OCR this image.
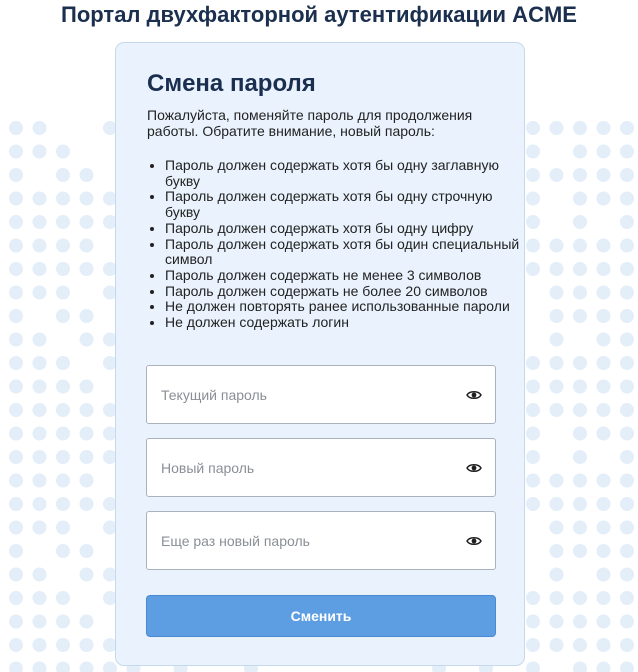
Портал двухфакторной аутентификации ACME
Смена пароля

Пожалуйста, поменяйте пароль для продолжения работы. Обратите внимание, новый пароль:

• Пароль должен содержать хотя бы одну заглавную букву
• Пароль должен содержать хотя бы одну строчную букву
• Пароль должен содержать хотя бы одну цифру
• Пароль должен содержать хотя бы один специальный символ
• Пароль должен содержать не менее 3 символов
• Пароль должен содержать не более 20 символов
• Не должен повторять ранее использованные пароли
• Не должен содержать логин
Сменить
